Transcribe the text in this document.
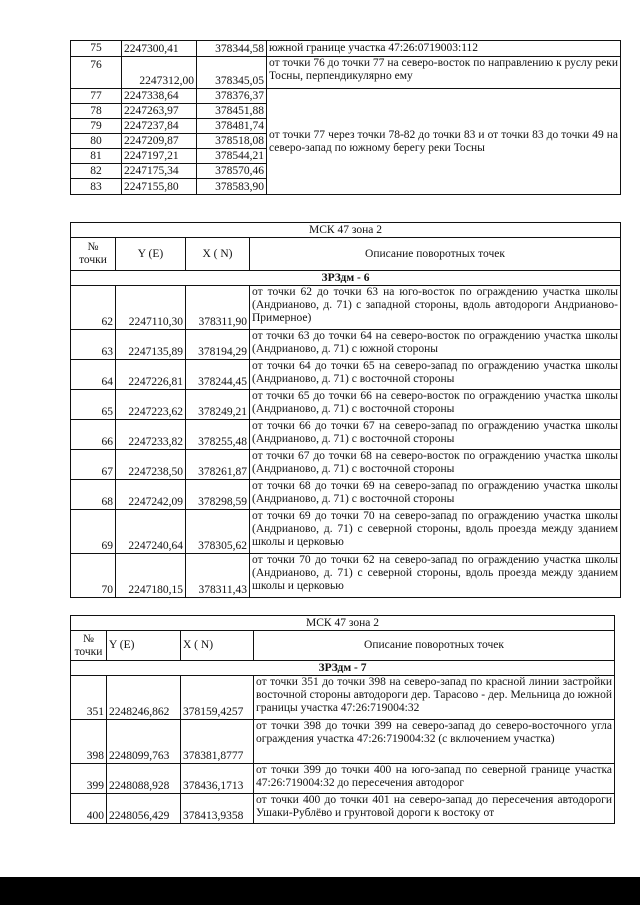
75	2247300,41	378344,58	южной границе участка 47:26:0719003:112
76	2247312,00	378345,05	от точки 76 до точки 77 на северо-восток по направлению к руслу реки Тосны, перпендикулярно ему
77	2247338,64	378376,37	от точки 77 через точки 78-82 до точки 83 и от точки 83 до точки 49 на северо-запад по южному берегу реки Тосны
78	2247263,97	378451,88	
79	2247237,84	378481,74	
80	2247209,87	378518,08	
81	2247197,21	378544,21	
82	2247175,34	378570,46	
83	2247155,80	378583,90	
МСК 47 зона 2			
№ точки	Y (E)	X ( N)	Описание поворотных точек
ЗРЗдм - 6			
62	2247110,30	378311,90	от точки 62 до точки 63 на юго-восток по ограждению участка школы (Андрианово, д. 71) с западной стороны, вдоль автодороги Андрианово-Примерное)
63	2247135,89	378194,29	от точки 63 до точки 64 на северо-восток по ограждению участка школы (Андрианово, д. 71) с южной стороны
64	2247226,81	378244,45	от точки 64 до точки 65 на северо-запад по ограждению участка школы (Андрианово, д. 71) с восточной стороны
65	2247223,62	378249,21	от точки 65 до точки 66 на северо-восток по ограждению участка школы (Андрианово, д. 71) с восточной стороны
66	2247233,82	378255,48	от точки 66 до точки 67 на северо-запад по ограждению участка школы (Андрианово, д. 71) с восточной стороны
67	2247238,50	378261,87	от точки 67 до точки 68 на северо-восток по ограждению участка школы (Андрианово, д. 71) с восточной стороны
68	2247242,09	378298,59	от точки 68 до точки 69 на северо-запад по ограждению участка школы (Андрианово, д. 71) с восточной стороны
69	2247240,64	378305,62	от точки 69 до точки 70 на северо-запад по ограждению участка школы (Андрианово, д. 71) с северной стороны, вдоль проезда между зданием школы и церковью
70	2247180,15	378311,43	от точки 70 до точки 62 на северо-запад по ограждению участка школы (Андрианово, д. 71) с северной стороны, вдоль проезда между зданием школы и церковью
МСК 47 зона 2			
№ точки	Y (E)	X ( N)	Описание поворотных точек
ЗРЗдм - 7			
351	2248246,862	378159,4257	от точки 351 до точки 398 на северо-запад по красной линии застройки восточной стороны автодороги дер. Тарасово - дер. Мельница до южной границы участка 47:26:719004:32
398	2248099,763	378381,8777	от точки 398 до точки 399 на северо-запад до северо-восточного угла ограждения участка 47:26:719004:32 (с включением участка)
399	2248088,928	378436,1713	от точки 399 до точки 400 на юго-запад по северной границе участка 47:26:719004:32 до пересечения автодорог
400	2248056,429	378413,9358	от точки 400 до точки 401 на северо-запад до пересечения автодороги Ушаки-Рублёво и грунтовой дороги к востоку от
